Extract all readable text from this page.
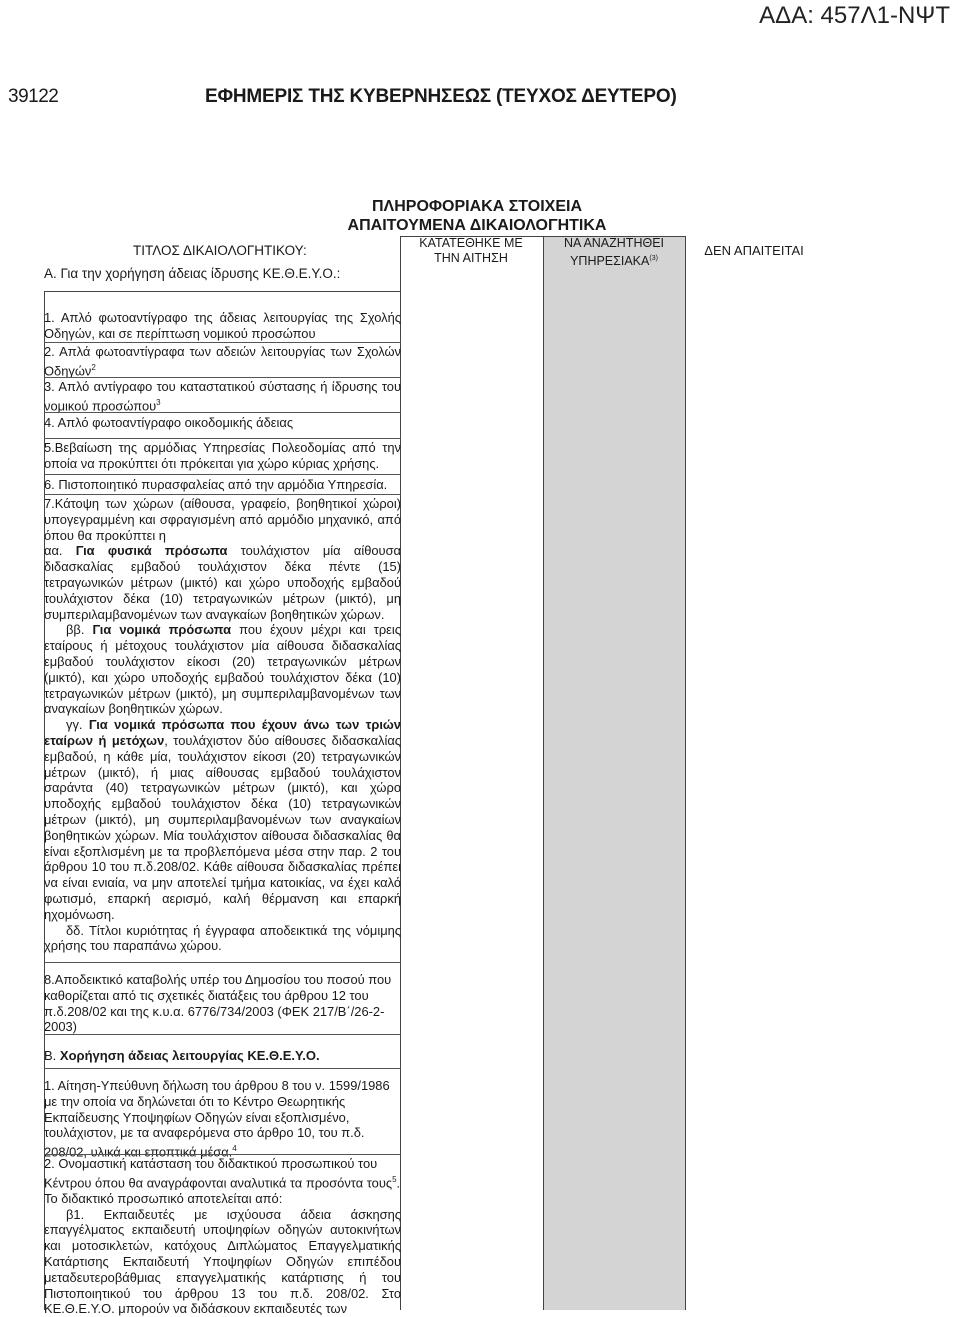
ΑΔΑ: 457Λ1-ΝΨΤ
39122	ΕΦΗΜΕΡΙΣ ΤΗΣ ΚΥΒΕΡΝΗΣΕΩΣ (ΤΕΥΧΟΣ ΔΕΥΤΕΡΟ)
ΠΛΗΡΟΦΟΡΙΑΚΑ ΣΤΟΙΧΕΙΑ
ΑΠΑΙΤΟΥΜΕΝΑ ΔΙΚΑΙΟΛΟΓΗΤΙΚΑ
ΤΙΤΛΟΣ ΔΙΚΑΙΟΛΟΓΗΤΙΚΟΥ:	ΚΑΤΑΤΕΘΗΚΕ ΜΕ
ΤΗΝ ΑΙΤΗΣΗ
ΝΑ ΑΝΑΖΗΤΗΘΕΙ
ΥΠΗΡΕΣΙΑΚΑ$^{(3)}$
ΔΕΝ ΑΠΑΙΤΕΙΤΑΙ
Α. Για την χορήγηση άδειας ίδρυσης ΚΕ.Θ.Ε.Υ.Ο.:

1. Απλό φωτοαντίγραφο της άδειας λειτουργίας της Σχολής Οδηγών, και σε περίπτωση νομικού προσώπου

2. Απλά φωτοαντίγραφα των αδειών λειτουργίας των Σχολών Οδηγών$^2$

3. Απλό αντίγραφο του καταστατικού σύστασης ή ίδρυσης του νομικού προσώπου$^3$

4. Απλό φωτοαντίγραφο οικοδομικής άδειας

5.Βεβαίωση της αρμόδιας Υπηρεσίας Πολεοδομίας από την οποία να προκύπτει ότι πρόκειται για χώρο κύριας χρήσης.

6. Πιστοποιητικό πυρασφαλείας από την αρμόδια Υπηρεσία.

7.Κάτοψη των χώρων (αίθουσα, γραφείο, βοηθητικοί χώροι) υπογεγραμμένη και σφραγισμένη από αρμόδιο μηχανικό, από όπου θα προκύπτει η

αα. Για φυσικά πρόσωπα τουλάχιστον μία αίθουσα διδασκαλίας εμβαδού τουλάχιστον δέκα πέντε (15) τετραγωνικών μέτρων (μικτό) και χώρο υποδοχής εμβαδού τουλάχιστον δέκα (10) τετραγωνικών μέτρων (μικτό), μη συμπεριλαμβανομένων των αναγκαίων βοηθητικών χώρων.

ββ. Για νομικά πρόσωπα που έχουν μέχρι και τρεις εταίρους ή μέτοχους τουλάχιστον μία αίθουσα διδασκαλίας εμβαδού τουλάχιστον είκοσι (20) τετραγωνικών μέτρων (μικτό), και χώρο υποδοχής εμβαδού τουλάχιστον δέκα (10) τετραγωνικών μέτρων (μικτό), μη συμπεριλαμβανομένων των αναγκαίων βοηθητικών χώρων.

γγ. Για νομικά πρόσωπα που έχουν άνω των τριών εταίρων ή μετόχων, τουλάχιστον δύο αίθουσες διδασκαλίας εμβαδού, η κάθε μία, τουλάχιστον είκοσι (20) τετραγωνικών μέτρων (μικτό), ή μιας αίθουσας εμβαδού τουλάχιστον σαράντα (40) τετραγωνικών μέτρων (μικτό), και χώρο υποδοχής εμβαδού τουλάχιστον δέκα (10) τετραγωνικών μέτρων (μικτό), μη συμπεριλαμβανομένων των αναγκαίων βοηθητικών χώρων. Μία τουλάχιστον αίθουσα διδασκαλίας θα είναι εξοπλισμένη με τα προβλεπόμενα μέσα στην παρ. 2 του άρθρου 10 του π.δ.208/02. Κάθε αίθουσα διδασκαλίας πρέπει να είναι ενιαία, να μην αποτελεί τμήμα κατοικίας, να έχει καλό φωτισμό, επαρκή αερισμό, καλή θέρμανση και επαρκή ηχομόνωση.

δδ. Τίτλοι κυριότητας ή έγγραφα αποδεικτικά της νόμιμης χρήσης του παραπάνω χώρου.

8.Αποδεικτικό καταβολής υπέρ του Δημοσίου του ποσού που καθορίζεται από τις σχετικές διατάξεις του άρθρου 12 του π.δ.208/02 και της κ.υ.α. 6776/734/2003 (ΦΕΚ 217/Β΄/26-2-2003)

Β. Χορήγηση άδειας λειτουργίας ΚΕ.Θ.Ε.Υ.Ο.

1. Αίτηση-Υπεύθυνη δήλωση του άρθρου 8 του ν. 1599/1986 με την οποία να δηλώνεται ότι το Κέντρο Θεωρητικής Εκπαίδευσης Υποψηφίων Οδηγών είναι εξοπλισμένο, τουλάχιστον, με τα αναφερόμενα στο άρθρο 10, του π.δ. 208/02, υλικά και εποπτικά μέσα.$^4$

2. Ονομαστική κατάσταση του διδακτικού προσωπικού του Κέντρου όπου θα αναγράφονται αναλυτικά τα προσόντα τους$^5$. Το διδακτικό προσωπικό αποτελείται από:

β1. Εκπαιδευτές με ισχύουσα άδεια άσκησης επαγγέλματος εκπαιδευτή υποψηφίων οδηγών αυτοκινήτων και μοτοσικλετών, κατόχους Διπλώματος Επαγγελματικής Κατάρτισης Εκπαιδευτή Υποψηφίων Οδηγών επιπέδου μεταδευτεροβάθμιας επαγγελματικής κατάρτισης ή του Πιστοποιητικού του άρθρου 13 του π.δ. 208/02. Στο ΚΕ.Θ.Ε.Υ.Ο. μπορούν να διδάσκουν εκπαιδευτές των
